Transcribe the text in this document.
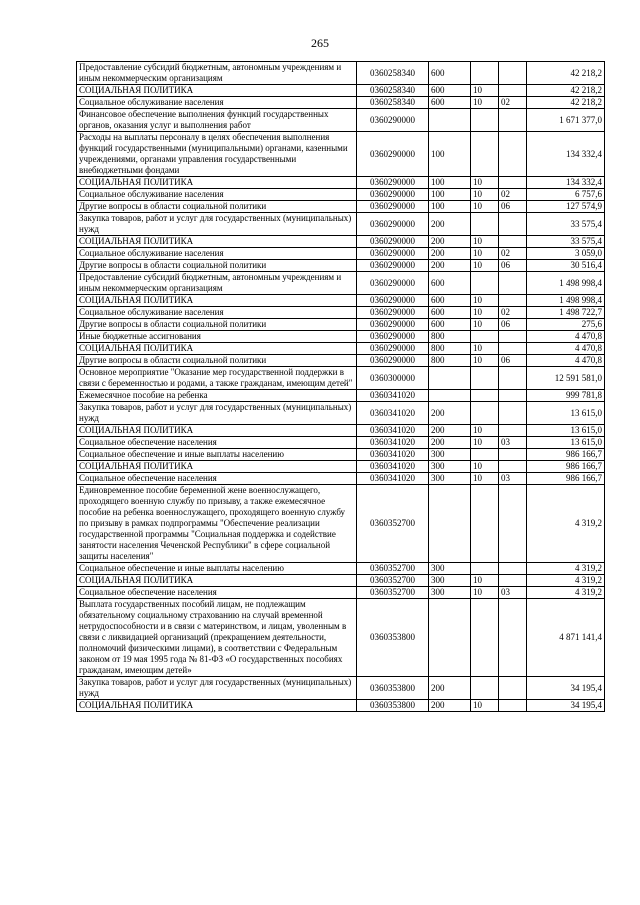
265
Предоставление субсидий бюджетным, автономным учреждениям и иным некоммерческим организациям	0360258340	600			42 218,2
СОЦИАЛЬНАЯ ПОЛИТИКА	0360258340	600	10		42 218,2
Социальное обслуживание населения	0360258340	600	10	02	42 218,2
Финансовое обеспечение выполнения функций государственных органов, оказания услуг и выполнения работ	0360290000				1 671 377,0
Расходы на выплаты персоналу в целях обеспечения выполнения функций государственными (муниципальными) органами, казенными учреждениями, органами управления государственными внебюджетными фондами	0360290000	100			134 332,4
СОЦИАЛЬНАЯ ПОЛИТИКА	0360290000	100	10		134 332,4
Социальное обслуживание населения	0360290000	100	10	02	6 757,6
Другие вопросы в области социальной политики	0360290000	100	10	06	127 574,9
Закупка товаров, работ и услуг для государственных (муниципальных) нужд	0360290000	200			33 575,4
СОЦИАЛЬНАЯ ПОЛИТИКА	0360290000	200	10		33 575,4
Социальное обслуживание населения	0360290000	200	10	02	3 059,0
Другие вопросы в области социальной политики	0360290000	200	10	06	30 516,4
Предоставление субсидий бюджетным, автономным учреждениям и иным некоммерческим организациям	0360290000	600			1 498 998,4
СОЦИАЛЬНАЯ ПОЛИТИКА	0360290000	600	10		1 498 998,4
Социальное обслуживание населения	0360290000	600	10	02	1 498 722,7
Другие вопросы в области социальной политики	0360290000	600	10	06	275,6
Иные бюджетные ассигнования	0360290000	800			4 470,8
СОЦИАЛЬНАЯ ПОЛИТИКА	0360290000	800	10		4 470,8
Другие вопросы в области социальной политики	0360290000	800	10	06	4 470,8
Основное мероприятие "Оказание мер государственной поддержки в связи с беременностью и родами, а также гражданам, имеющим детей"	0360300000				12 591 581,0
Ежемесячное пособие на ребенка	0360341020				999 781,8
Закупка товаров, работ и услуг для государственных (муниципальных) нужд	0360341020	200			13 615,0
СОЦИАЛЬНАЯ ПОЛИТИКА	0360341020	200	10		13 615,0
Социальное обеспечение населения	0360341020	200	10	03	13 615,0
Социальное обеспечение и иные выплаты населению	0360341020	300			986 166,7
СОЦИАЛЬНАЯ ПОЛИТИКА	0360341020	300	10		986 166,7
Социальное обеспечение населения	0360341020	300	10	03	986 166,7
Единовременное пособие беременной жене военнослужащего, проходящего военную службу по призыву, а также ежемесячное пособие на ребенка военнослужащего, проходящего военную службу по призыву в рамках подпрограммы "Обеспечение реализации государственной программы "Социальная поддержка и содействие занятости населения Чеченской Республики" в сфере социальной защиты населения"	0360352700				4 319,2
Социальное обеспечение и иные выплаты населению	0360352700	300			4 319,2
СОЦИАЛЬНАЯ ПОЛИТИКА	0360352700	300	10		4 319,2
Социальное обеспечение населения	0360352700	300	10	03	4 319,2
Выплата государственных пособий лицам, не подлежащим обязательному социальному страхованию на случай временной нетрудоспособности и в связи с материнством, и лицам, уволенным в связи с ликвидацией организаций (прекращением деятельности, полномочий физическими лицами), в соответствии с Федеральным законом от 19 мая 1995 года № 81-ФЗ «О государственных пособиях гражданам, имеющим детей»	0360353800				4 871 141,4
Закупка товаров, работ и услуг для государственных (муниципальных) нужд	0360353800	200			34 195,4
СОЦИАЛЬНАЯ ПОЛИТИКА	0360353800	200	10		34 195,4
